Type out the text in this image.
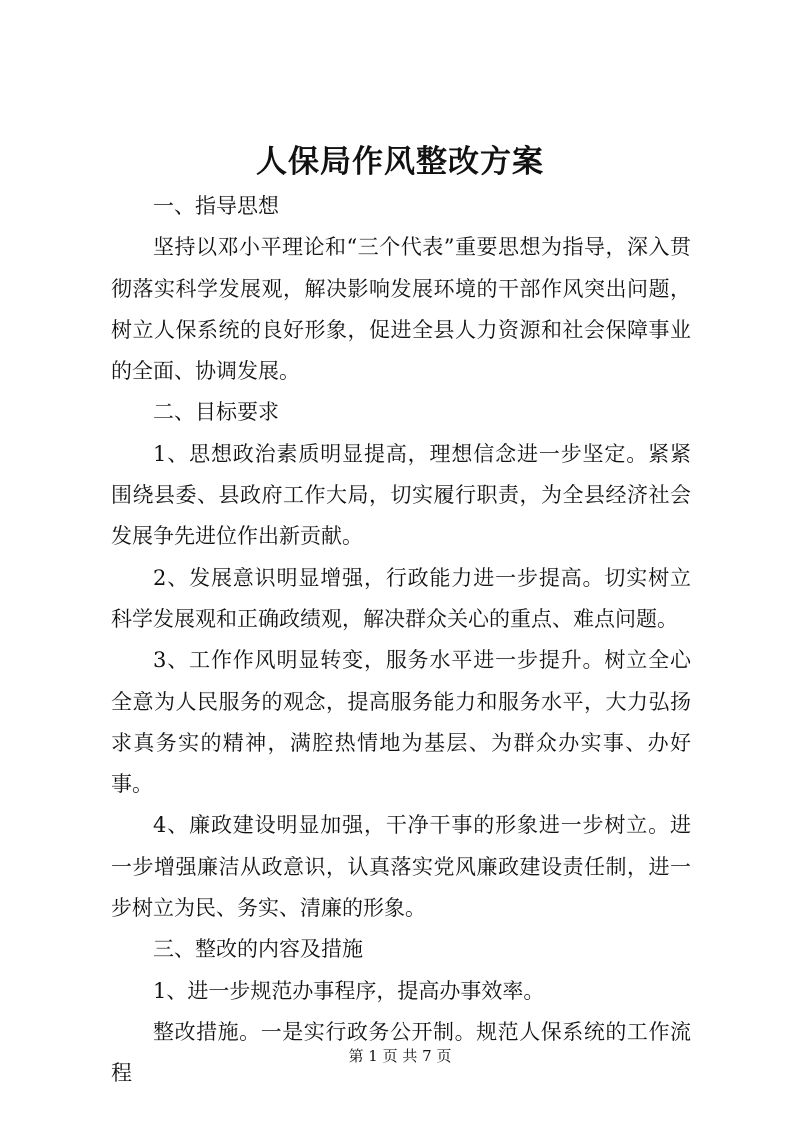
人保局作风整改方案

一、指导思想

坚持以邓小平理论和“三个代表”重要思想为指导，深入贯彻落实科学发展观，解决影响发展环境的干部作风突出问题，树立人保系统的良好形象，促进全县人力资源和社会保障事业的全面、协调发展。

二、目标要求

1、思想政治素质明显提高，理想信念进一步坚定。紧紧围绕县委、县政府工作大局，切实履行职责，为全县经济社会发展争先进位作出新贡献。

2、发展意识明显增强，行政能力进一步提高。切实树立科学发展观和正确政绩观，解决群众关心的重点、难点问题。

3、工作作风明显转变，服务水平进一步提升。树立全心全意为人民服务的观念，提高服务能力和服务水平，大力弘扬求真务实的精神，满腔热情地为基层、为群众办实事、办好事。

4、廉政建设明显加强，干净干事的形象进一步树立。进一步增强廉洁从政意识，认真落实党风廉政建设责任制，进一步树立为民、务实、清廉的形象。

三、整改的内容及措施

1、进一步规范办事程序，提高办事效率。

整改措施。一是实行政务公开制。规范人保系统的工作流程

第 1 页 共 7 页
